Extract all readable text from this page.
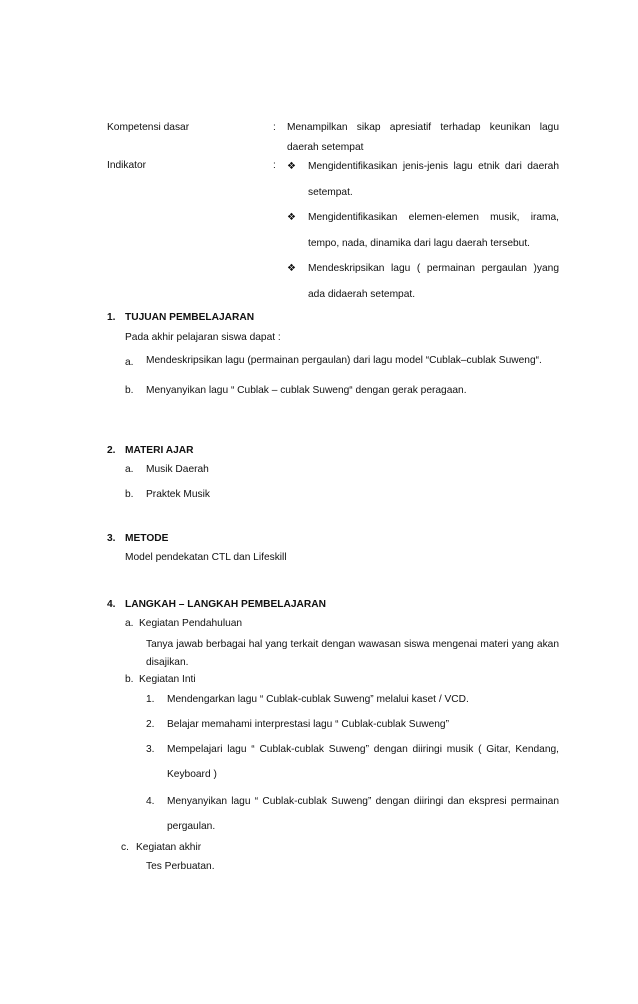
Kompetensi dasar	: Menampilkan sikap apresiatif terhadap keunikan lagu daerah setempat
Indikator	:
❖	Mengidentifikasikan jenis-jenis lagu etnik dari daerah setempat.
❖ Mengidentifikasikan elemen-elemen musik, irama, tempo, nada, dinamika dari lagu daerah tersebut.
❖ Mendeskripsikan lagu ( permainan pergaulan )yang ada didaerah setempat.
1. TUJUAN PEMBELAJARAN
Pada akhir pelajaran siswa dapat :
a.	Mendeskripsikan lagu (permainan pergaulan) dari lagu model “Cublak–cublak Suweng“.
b.	Menyanyikan lagu “ Cublak – cublak Suweng“ dengan gerak peragaan.
2. MATERI AJAR
a.	Musik Daerah
b.	Praktek Musik
3. METODE
Model pendekatan CTL dan Lifeskill
4. LANGKAH – LANGKAH PEMBELAJARAN
a. Kegiatan Pendahuluan
Tanya jawab berbagai hal yang terkait dengan wawasan siswa mengenai materi yang akan disajikan.
b. Kegiatan Inti
1.	Mendengarkan lagu “ Cublak-cublak Suweng” melalui kaset / VCD.
2.	Belajar memahami interprestasi lagu “ Cublak-cublak Suweng”
3.	Mempelajari lagu “ Cublak-cublak Suweng” dengan diiringi musik ( Gitar, Kendang, Keyboard )
4.	Menyanyikan lagu “ Cublak-cublak Suweng” dengan diiringi dan ekspresi permainan pergaulan.
c. Kegiatan akhir
Tes Perbuatan.
